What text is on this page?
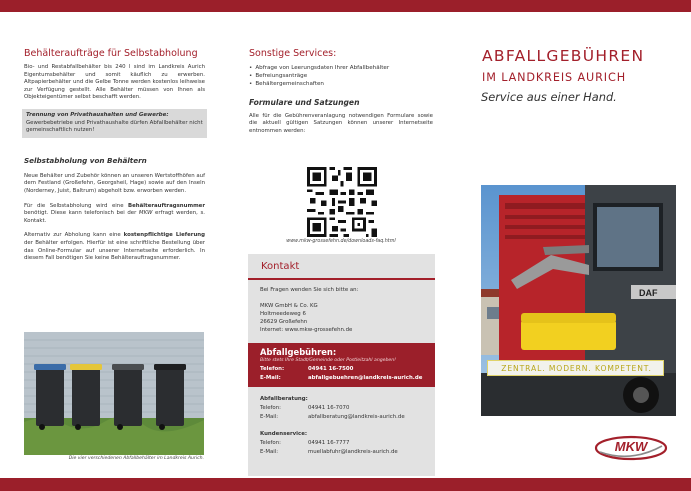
Behälteraufträge für Selbstabholung

Bio- und Restabfallbehälter bis 240 l sind im Landkreis Aurich Eigentumsbehälter und somit käuflich zu erwerben. Altpapierbehälter und die Gelbe Tonne werden kostenlos leihweise zur Verfügung gestellt. Alle Behälter müssen von Ihnen als Objekteigentümer selbst beschafft werden.

Trennung von Privathaushalten und Gewerbe:
Gewerbebetriebe und Privathaushalte dürfen Abfallbehälter nicht gemeinschaftlich nutzen!
Selbstabholung von Behältern

Neue Behälter und Zubehör können an unseren Wertstoffhöfen auf dem Festland (Großefehn, Georgsheil, Hage) sowie auf den Inseln (Norderney, Juist, Baltrum) abgeholt bzw. erworben werden.

Für die Selbstabholung wird eine Behälterauftragsnummer benötigt. Diese kann telefonisch bei der MKW erfragt werden, s. Kontakt.

Alternativ zur Abholung kann eine kostenpflichtige Lieferung der Behälter erfolgen. Hierfür ist eine schriftliche Bestellung über das Online-Formular auf unserer Internetseite erforderlich. In diesem Fall benötigen Sie keine Behälterauftragsnummer.

Die vier verschiedenen Abfallbehälter im Landkreis Aurich.
Sonstige Services:
• Abfrage von Leerungsdaten Ihrer Abfallbehälter
• Befreiungsanträge
• Behältergemeinschaften
Formulare und Satzungen

Alle für die Gebührenveranlagung notwendigen Formulare sowie die aktuell gültigen Satzungen können unserer Internetseite entnommen werden:

www.mkw-grossefehn.de/downloads-faq.html
Kontakt
Bei Fragen wenden Sie sich bitte an:
MKW GmbH & Co. KG
Holtmeedeweg 6
26629 Großefehn
Internet: www.mkw-grossefehn.de
Abfallgebühren:
Bitte stets Ihre Stadt/Gemeinde oder Postleitzahl angeben!
Telefon:	04941 16-7500
E-Mail:	abfallgebuehren@landkreis-aurich.de
Abfallberatung:
Telefon:	04941 16-7070
E-Mail:	abfallberatung@landkreis-aurich.de
Kundenservice:
Telefon:	04941 16-7777
E-Mail:	muellabfuhr@landkreis-aurich.de
ABFALLGEBÜHREN
IM LANDKREIS AURICH
Service aus einer Hand.
DAF
ZENTRAL. MODERN. KOMPETENT.
MKW
